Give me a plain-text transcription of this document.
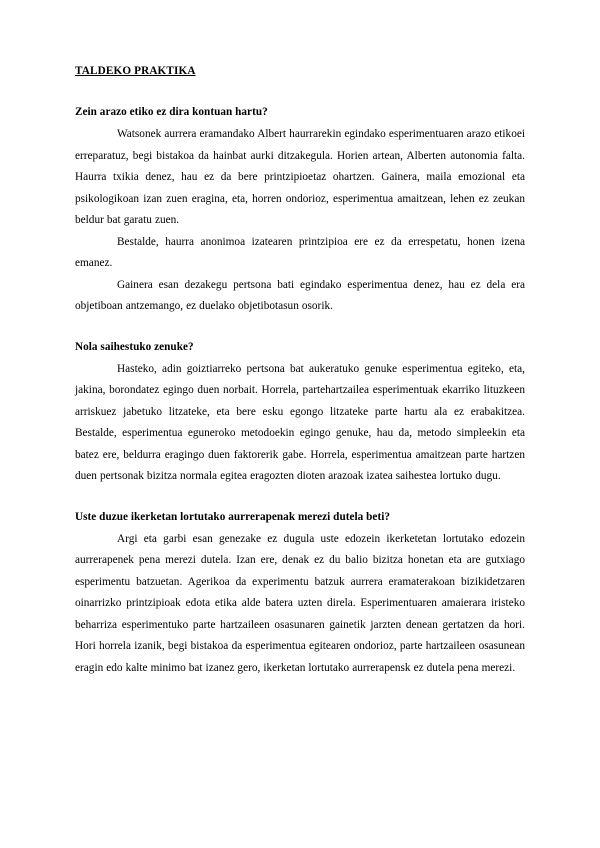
TALDEKO PRAKTIKA
Zein arazo etiko ez dira kontuan hartu?

Watsonek aurrera eramandako Albert haurrarekin egindako esperimentuaren arazo etikoei erreparatuz, begi bistakoa da hainbat aurki ditzakegula. Horien artean, Alberten autonomia falta. Haurra txikia denez, hau ez da bere printzipioetaz ohartzen. Gainera, maila emozional eta psikologikoan izan zuen eragina, eta, horren ondorioz, esperimentua amaitzean, lehen ez zeukan beldur bat garatu zuen.

Bestalde, haurra anonimoa izatearen printzipioa ere ez da errespetatu, honen izena emanez.

Gainera esan dezakegu pertsona bati egindako esperimentua denez, hau ez dela era objetiboan antzemango, ez duelako objetibotasun osorik.

Nola saihestuko zenuke?

Hasteko, adin goiztiarreko pertsona bat aukeratuko genuke esperimentua egiteko, eta, jakina, borondatez egingo duen norbait. Horrela, partehartzailea esperimentuak ekarriko lituzkeen arriskuez jabetuko litzateke, eta bere esku egongo litzateke parte hartu ala ez erabakitzea. Bestalde, esperimentua eguneroko metodoekin egingo genuke, hau da, metodo simpleekin eta batez ere, beldurra eragingo duen faktorerik gabe. Horrela, esperimentua amaitzean parte hartzen duen pertsonak bizitza normala egitea eragozten dioten arazoak izatea saihestea lortuko dugu.

Uste duzue ikerketan lortutako aurrerapenak merezi dutela beti?

Argi eta garbi esan genezake ez dugula uste edozein ikerketetan lortutako edozein aurrerapenek pena merezi dutela. Izan ere, denak ez du balio bizitza honetan eta are gutxiago esperimentu batzuetan. Agerikoa da experimentu batzuk aurrera eramaterakoan bizikidetzaren oinarrizko printzipioak edota etika alde batera uzten direla. Esperimentuaren amaierara iristeko beharriza esperimentuko parte hartzaileen osasunaren gainetik jarzten denean gertatzen da hori. Hori horrela izanik, begi bistakoa da esperimentua egitearen ondorioz, parte hartzaileen osasunean eragin edo kalte minimo bat izanez gero, ikerketan lortutako aurrerapensk ez dutela pena merezi.
